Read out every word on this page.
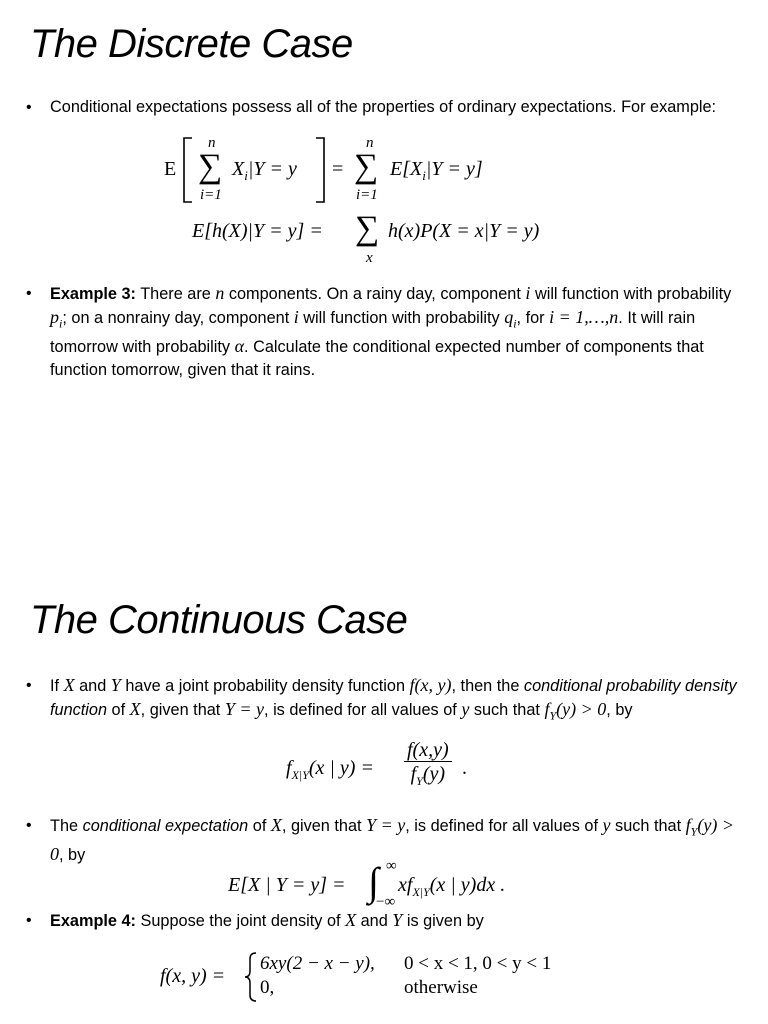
The Discrete Case
• Conditional expectations possess all of the properties of ordinary expectations. For example:
E
n
∑
i=1
$X_i|Y = y$ =
n
∑
i=1
$E[X_i|Y = y]$
E[h(X)|Y = y] = ∑
x
h(x)P(X = x|Y = y)
• Example 3: There are n components. On a rainy day, component i will function with probability $p_i$; on a nonrainy day, component i will function with probability $q_i$, for i = 1,…,n. It will rain tomorrow with probability α. Calculate the conditional expected number of components that function tomorrow, given that it rains.
The Continuous Case
• If X and Y have a joint probability density function f(x, y), then the conditional probability density function of X, given that Y = y, is defined for all values of y such that $f_Y(y) > 0$, by
$f_{X|Y}(x$ | $y) = \frac{f(x,y)}{f_Y(y)}$ .
• The conditional expectation of X, given that Y = y, is defined for all values of y such that $f_Y(y) > 0$, by
E[X | Y = y] = ∫ ∞
−∞
$xf_{X|Y}(x$ | y)dx .
• Example 4: Suppose the joint density of X and Y is given by
f(x, y) =
6xy(2 − x − y), 0 < x < 1, 0 < y < 1
0,	otherwise
